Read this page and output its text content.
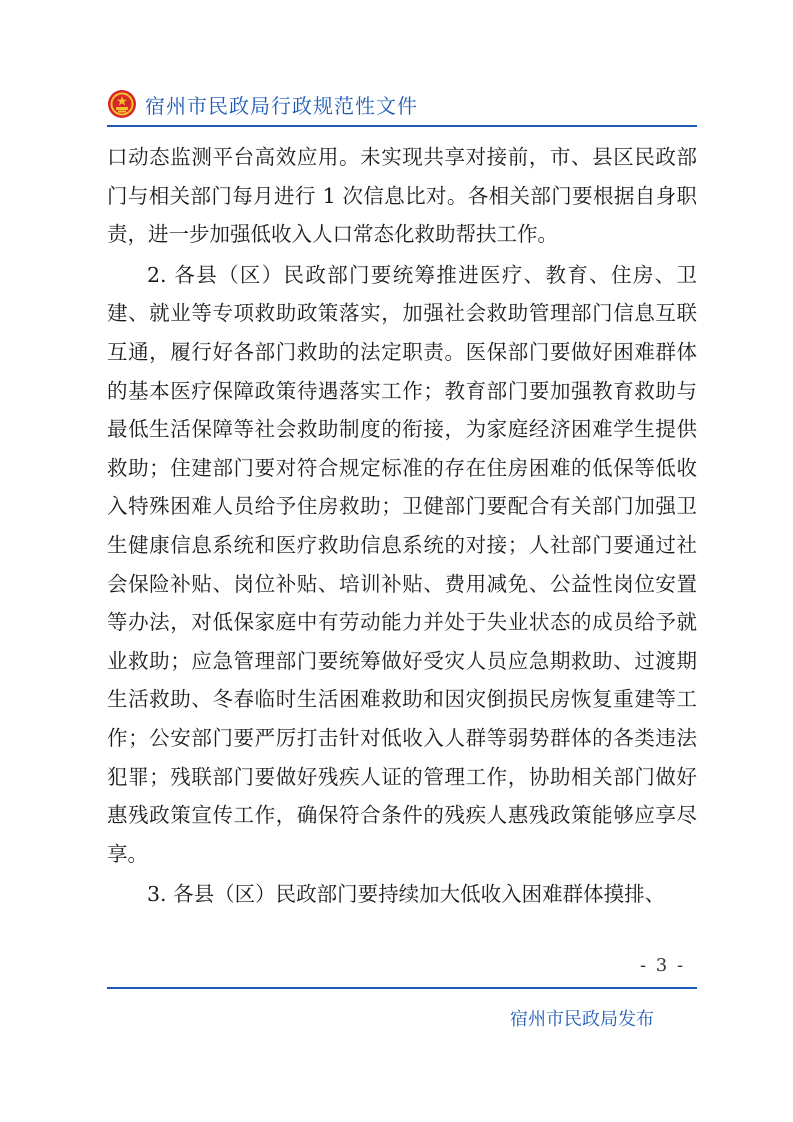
宿州市民政局行政规范性文件
口动态监测平台高效应用。未实现共享对接前，市、县区民政部
门与相关部门每月进行 1 次信息比对。各相关部门要根据自身职
责，进一步加强低收入人口常态化救助帮扶工作。
2. 各县（区）民政部门要统筹推进医疗、教育、住房、卫
建、就业等专项救助政策落实，加强社会救助管理部门信息互联
互通，履行好各部门救助的法定职责。医保部门要做好困难群体
的基本医疗保障政策待遇落实工作；教育部门要加强教育救助与
最低生活保障等社会救助制度的衔接，为家庭经济困难学生提供
救助；住建部门要对符合规定标准的存在住房困难的低保等低收
入特殊困难人员给予住房救助；卫健部门要配合有关部门加强卫
生健康信息系统和医疗救助信息系统的对接；人社部门要通过社
会保险补贴、岗位补贴、培训补贴、费用减免、公益性岗位安置
等办法，对低保家庭中有劳动能力并处于失业状态的成员给予就
业救助；应急管理部门要统筹做好受灾人员应急期救助、过渡期
生活救助、冬春临时生活困难救助和因灾倒损民房恢复重建等工
作；公安部门要严厉打击针对低收入人群等弱势群体的各类违法
犯罪；残联部门要做好残疾人证的管理工作，协助相关部门做好
惠残政策宣传工作，确保符合条件的残疾人惠残政策能够应享尽
享。
3. 各县（区）民政部门要持续加大低收入困难群体摸排、
- 3 -
宿州市民政局发布
